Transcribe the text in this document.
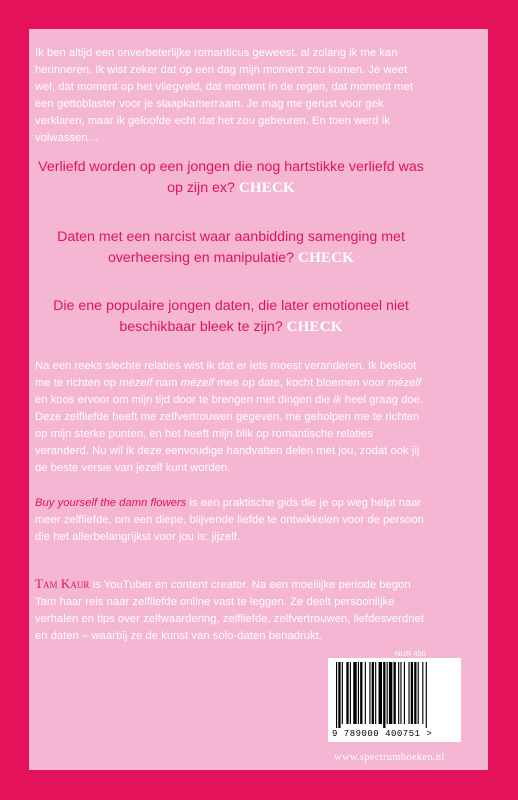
Ik ben altijd een onverbeterlijke romanticus geweest, al zolang ik me kan herinneren. Ik wist zeker dat op een dag mijn moment zou komen. Je weet wel, dat moment op het vliegveld, dat moment in de regen, dat moment met een gettoblaster voor je slaapkamerraam. Je mag me gerust voor gek verklaren, maar ik geloofde echt dat het zou gebeuren. En toen werd ik volwassen…
Verliefd worden op een jongen die nog hartstikke verliefd was op zijn ex? CHECK
Daten met een narcist waar aanbidding samenging met overheersing en manipulatie? CHECK
Die ene populaire jongen daten, die later emotioneel niet beschikbaar bleek te zijn? CHECK
Na een reeks slechte relaties wist ik dat er iets moest veranderen. Ik besloot me te richten op mézelf nam mézelf mee op date, kocht bloemen voor mézelf en koos ervoor om mijn tijd door te brengen met dingen die ik heel graag doe. Deze zelfliefde heeft me zelfvertrouwen gegeven, me geholpen me te richten op mijn sterke punten, en het heeft mijn blik op romantische relaties veranderd. Nu wil ik deze eenvoudige handvatten delen met jou, zodat ook jij de beste versie van jezelf kunt worden.
Buy yourself the damn flowers is een praktische gids die je op weg helpt naar meer zelfliefde, om een diepe, blijvende liefde te ontwikkelen voor de persoon die het allerbelangrijkst voor jou is: jijzelf.
Tam Kaur is YouTuber en content creator. Na een moeilijke periode begon Tam haar reis naar zelfliefde online vast te leggen. Ze deelt persoonlijke verhalen en tips over zelfwaardering, zelfliefde, zelfvertrouwen, liefdesverdriet en daten – waarbij ze de kunst van solo-daten benadrukt.
NUR 450
9 789000 400751 >
www.spectrumboeken.nl
